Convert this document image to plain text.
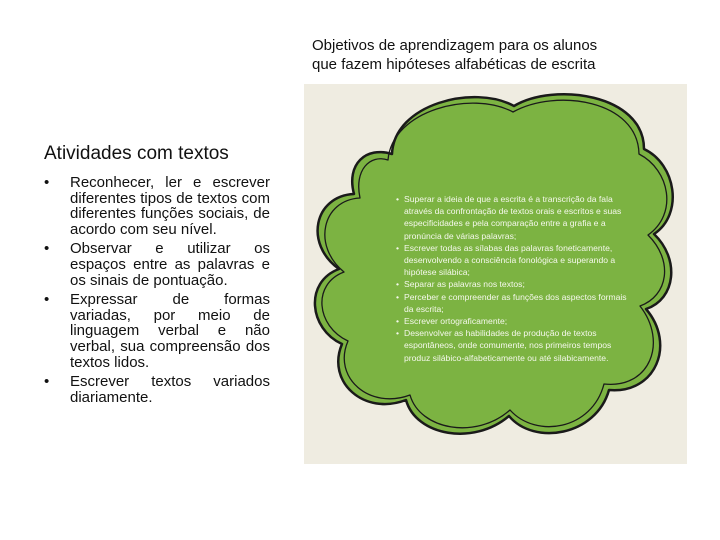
Objetivos de aprendizagem para os alunos
que fazem hipóteses alfabéticas de escrita
Atividades com textos
• Reconhecer, ler e escrever diferentes tipos de textos com diferentes funções sociais, de acordo com seu nível.
• Observar e utilizar os espaços entre as palavras e os sinais de pontuação.
• Expressar de formas variadas, por meio de linguagem verbal e não verbal, sua compreensão dos textos lidos.
• Escrever textos variados diariamente.
• Superar a ideia de que a escrita é a transcrição da fala através da confrontação de textos orais e escritos e suas especificidades e pela comparação entre a grafia e a pronúncia de várias palavras;
• Escrever todas as sílabas das palavras foneticamente, desenvolvendo a consciência fonológica e superando a hipótese silábica;
• Separar as palavras nos textos;
• Perceber e compreender as funções dos aspectos formais da escrita;
• Escrever ortograficamente;
• Desenvolver as habilidades de produção de textos espontâneos, onde comumente, nos primeiros tempos produz silábico-alfabeticamente ou até silabicamente.
